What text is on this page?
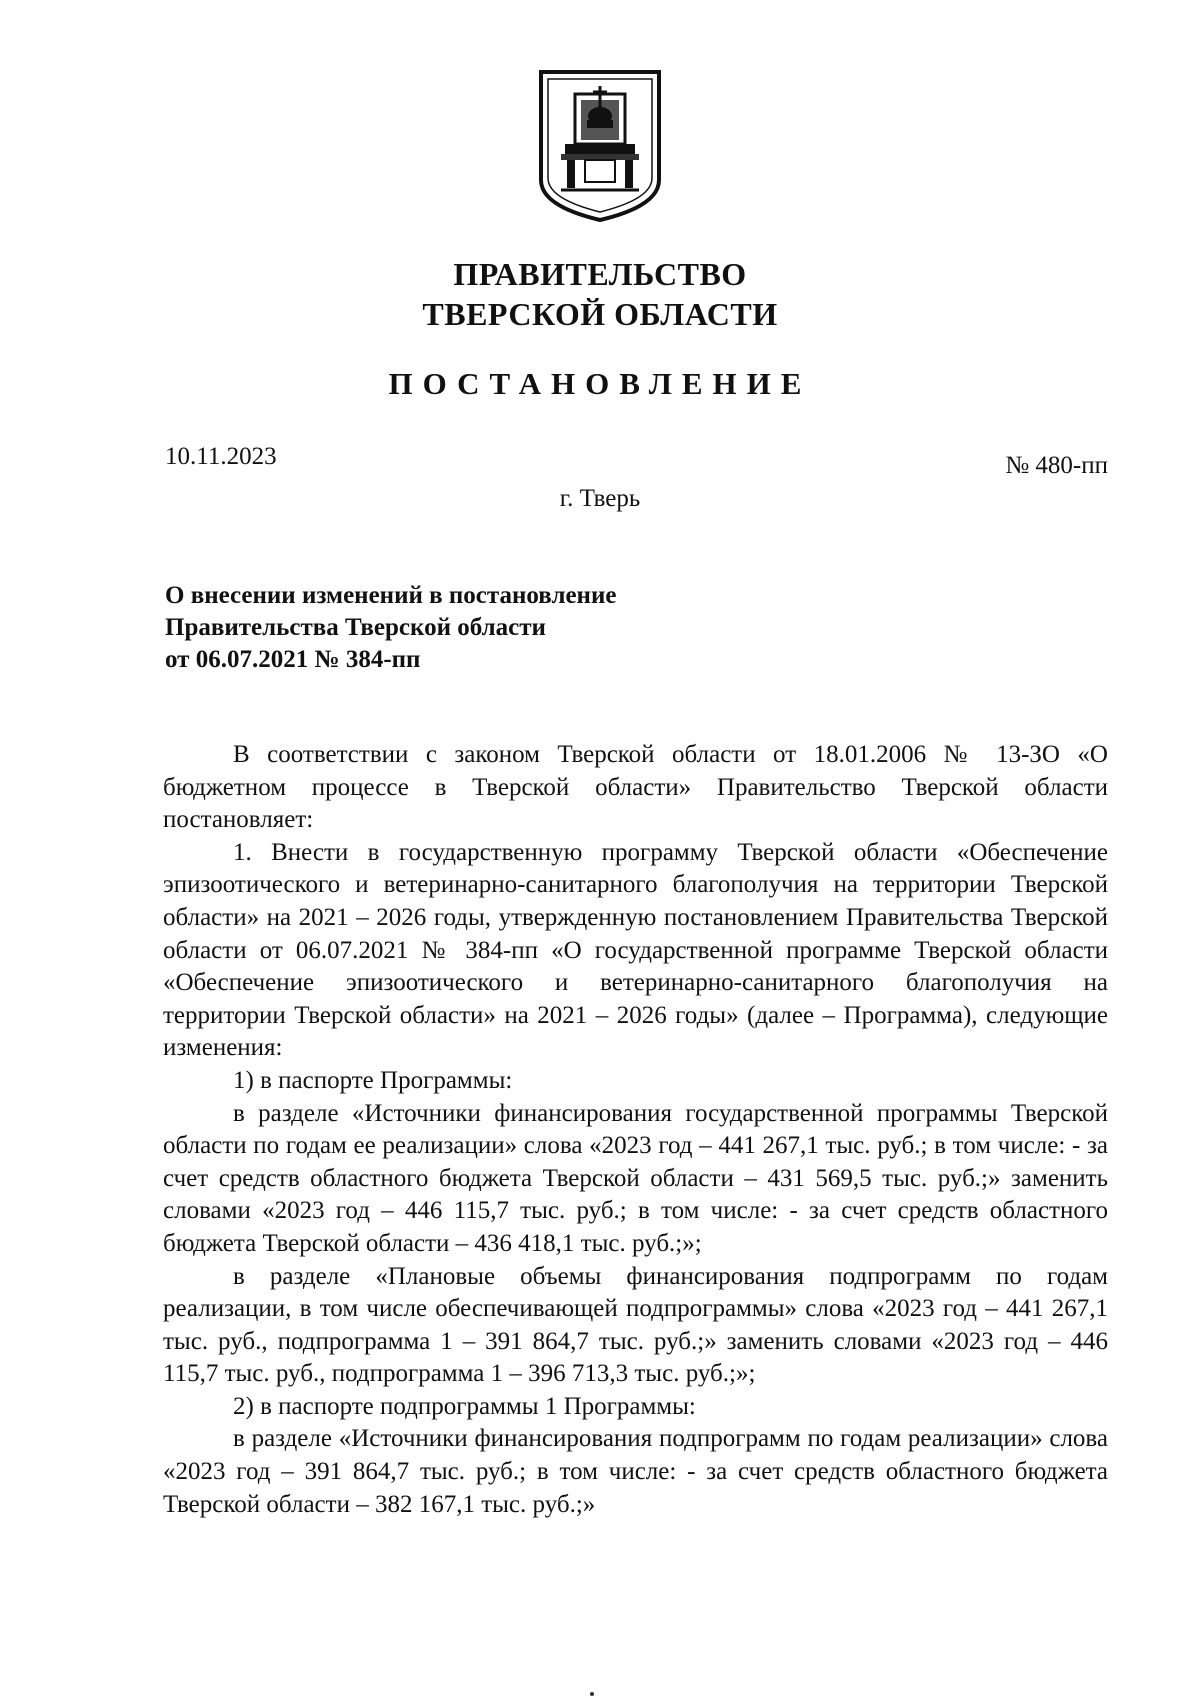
ПРАВИТЕЛЬСТВО
ТВЕРСКОЙ ОБЛАСТИ
ПОСТАНОВЛЕНИЕ
10.11.2023	№ 480-пп
г. Тверь
О внесении изменений в постановление
Правительства Тверской области
от 06.07.2021 № 384-пп

В соответствии с законом Тверской области от 18.01.2006 № 13-ЗО «О бюджетном процессе в Тверской области» Правительство Тверской области постановляет:

1. Внести в государственную программу Тверской области «Обеспечение эпизоотического и ветеринарно-санитарного благополучия на территории Тверской области» на 2021 – 2026 годы, утвержденную постановлением Правительства Тверской области от 06.07.2021 № 384-пп «О государственной программе Тверской области «Обеспечение эпизоотического и ветеринарно-санитарного благополучия на территории Тверской области» на 2021 – 2026 годы» (далее – Программа), следующие изменения:

1) в паспорте Программы:

в разделе «Источники финансирования государственной программы Тверской области по годам ее реализации» слова «2023 год – 441 267,1 тыс. руб.; в том числе: - за счет средств областного бюджета Тверской области – 431 569,5 тыс. руб.;» заменить словами «2023 год – 446 115,7 тыс. руб.; в том числе: - за счет средств областного бюджета Тверской области – 436 418,1 тыс. руб.;»;

в разделе «Плановые объемы финансирования подпрограмм по годам реализации, в том числе обеспечивающей подпрограммы» слова «2023 год – 441 267,1 тыс. руб., подпрограмма 1 – 391 864,7 тыс. руб.;» заменить словами «2023 год – 446 115,7 тыс. руб., подпрограмма 1 – 396 713,3 тыс. руб.;»;

2) в паспорте подпрограммы 1 Программы:

в разделе «Источники финансирования подпрограмм по годам реализации» слова «2023 год – 391 864,7 тыс. руб.; в том числе: - за счет средств областного бюджета Тверской области – 382 167,1 тыс. руб.;»
